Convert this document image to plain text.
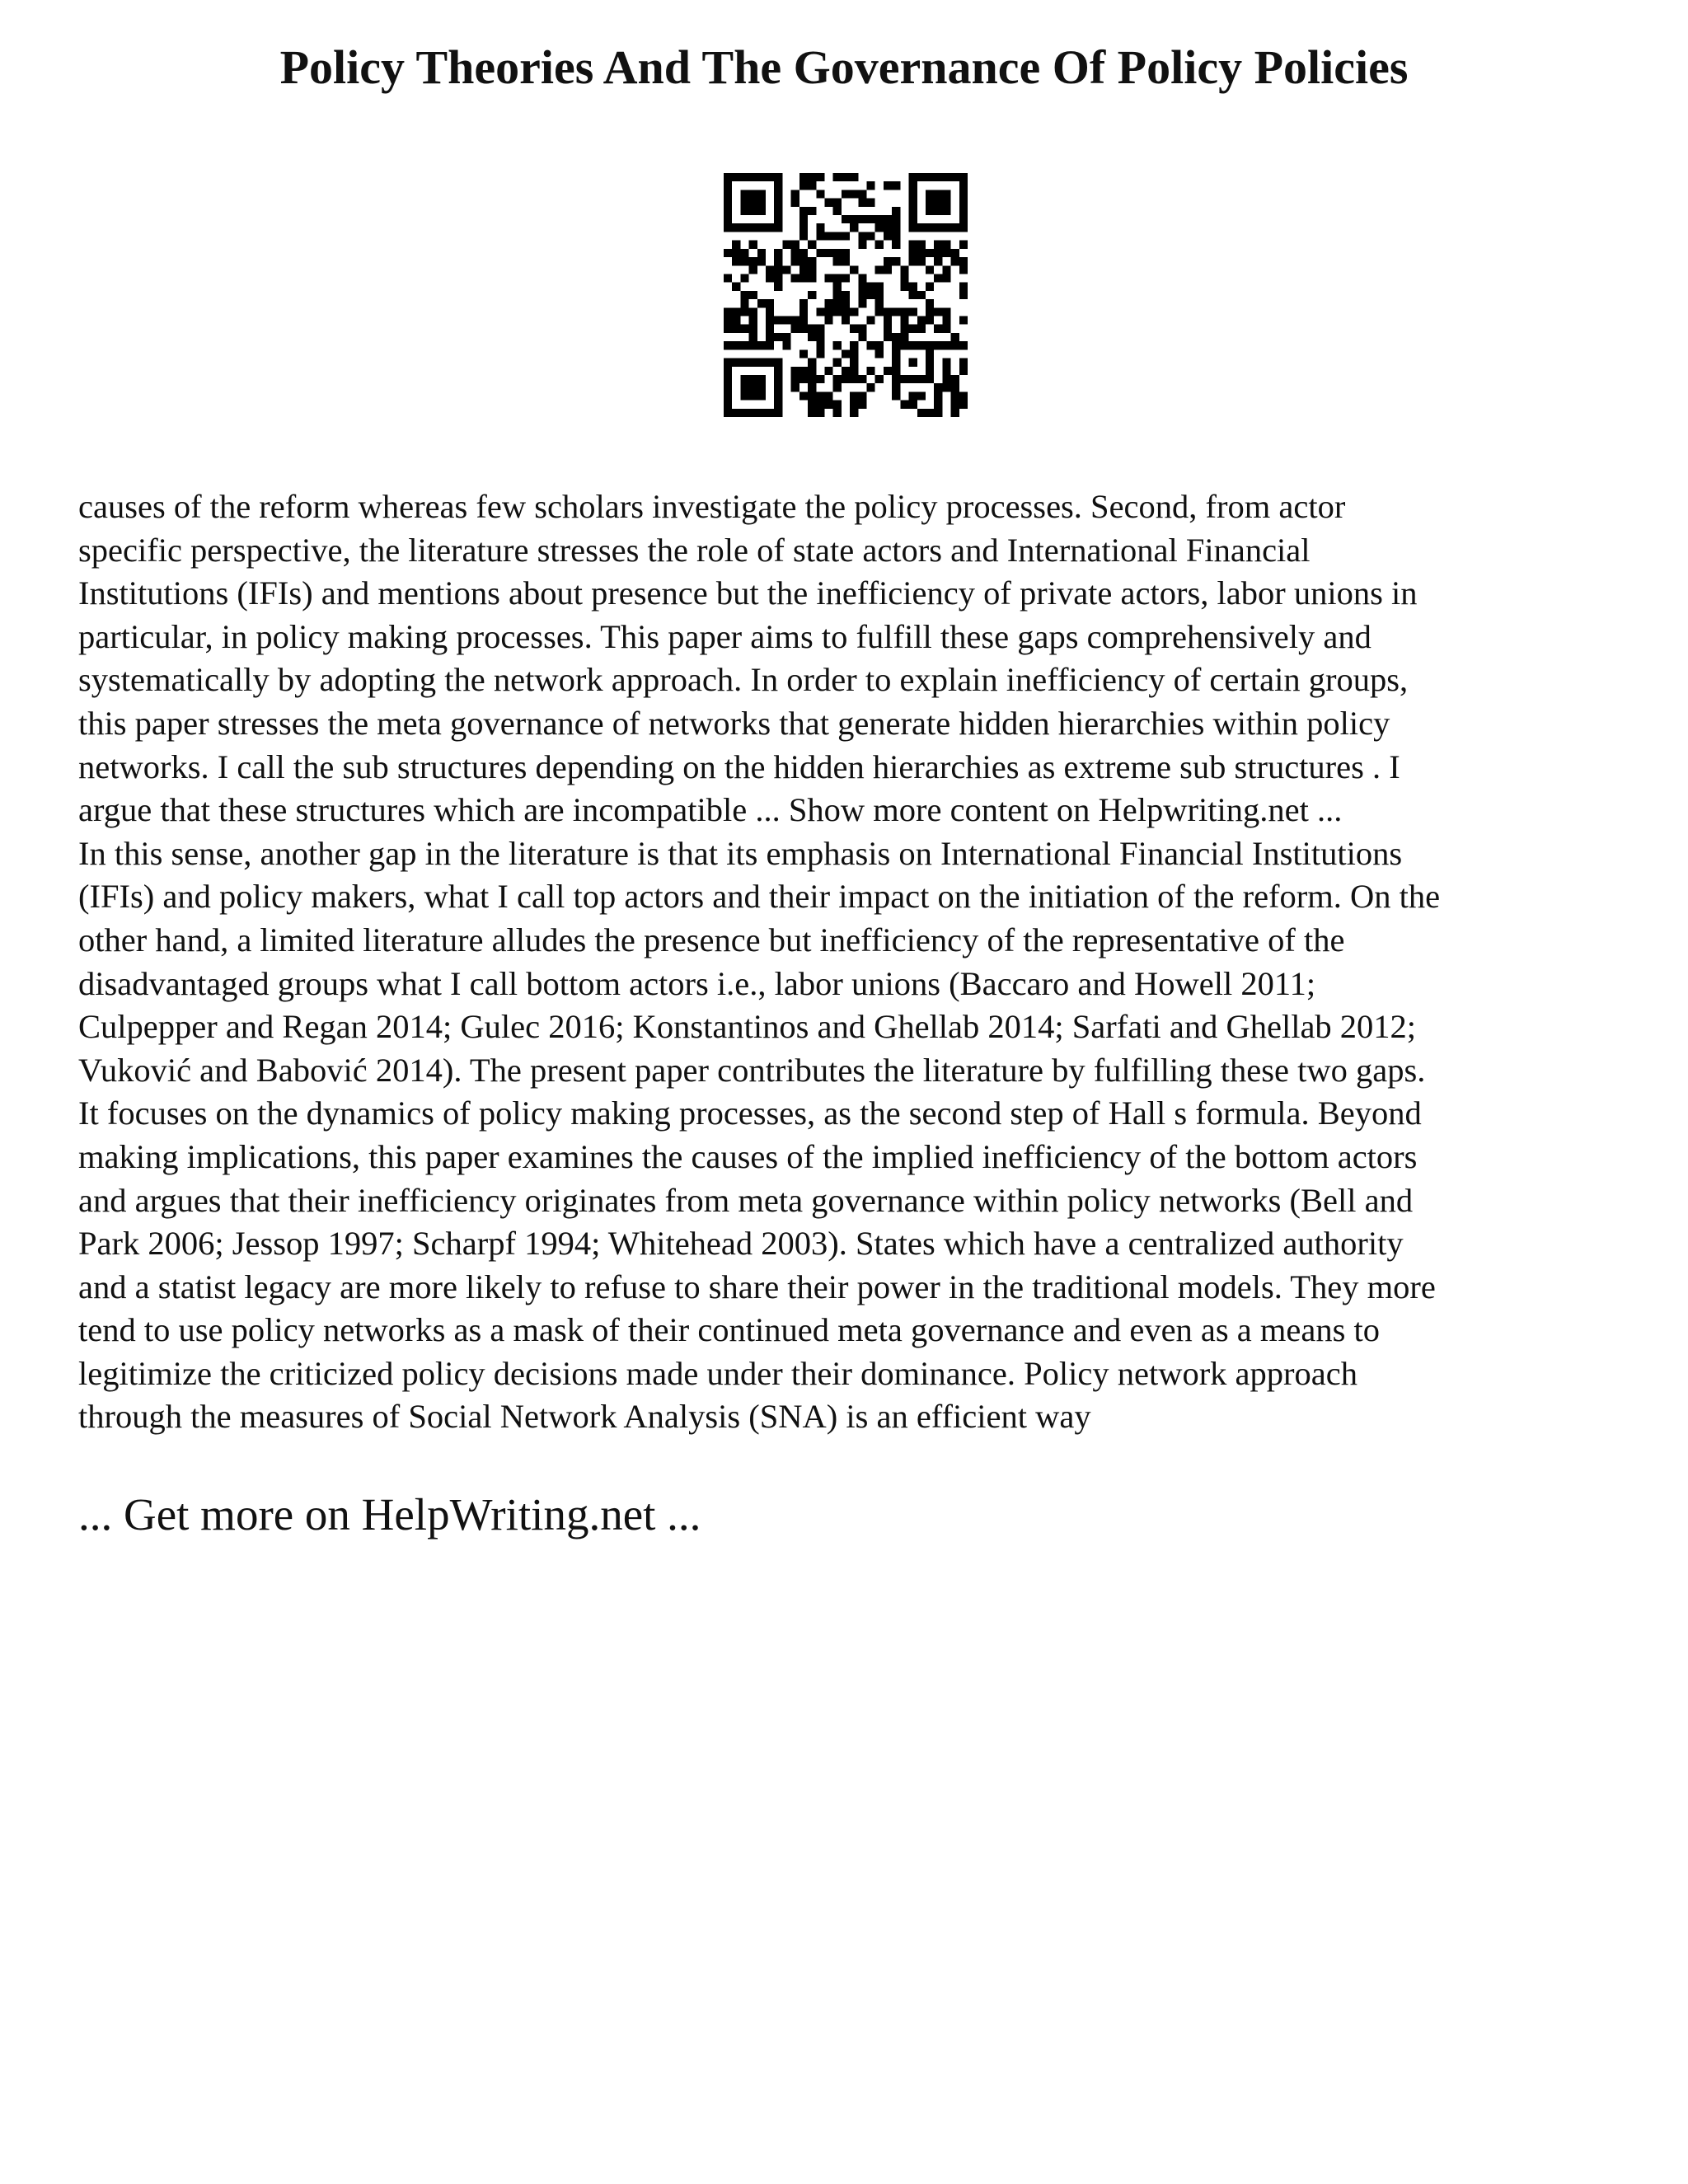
Policy Theories And The Governance Of Policy Policies

causes of the reform whereas few scholars investigate the policy processes. Second, from actor
specific perspective, the literature stresses the role of state actors and International Financial
Institutions (IFIs) and mentions about presence but the inefficiency of private actors, labor unions in
particular, in policy making processes. This paper aims to fulfill these gaps comprehensively and
systematically by adopting the network approach. In order to explain inefficiency of certain groups,
this paper stresses the meta governance of networks that generate hidden hierarchies within policy
networks. I call the sub structures depending on the hidden hierarchies as extreme sub structures . I
argue that these structures which are incompatible ... Show more content on Helpwriting.net ...
In this sense, another gap in the literature is that its emphasis on International Financial Institutions
(IFIs) and policy makers, what I call top actors and their impact on the initiation of the reform. On the
other hand, a limited literature alludes the presence but inefficiency of the representative of the
disadvantaged groups what I call bottom actors i.e., labor unions (Baccaro and Howell 2011;
Culpepper and Regan 2014; Gulec 2016; Konstantinos and Ghellab 2014; Sarfati and Ghellab 2012;
Vuković and Babović 2014). The present paper contributes the literature by fulfilling these two gaps.
It focuses on the dynamics of policy making processes, as the second step of Hall s formula. Beyond
making implications, this paper examines the causes of the implied inefficiency of the bottom actors
and argues that their inefficiency originates from meta governance within policy networks (Bell and
Park 2006; Jessop 1997; Scharpf 1994; Whitehead 2003). States which have a centralized authority
and a statist legacy are more likely to refuse to share their power in the traditional models. They more
tend to use policy networks as a mask of their continued meta governance and even as a means to
legitimize the criticized policy decisions made under their dominance. Policy network approach
through the measures of Social Network Analysis (SNA) is an efficient way

... Get more on HelpWriting.net ...
